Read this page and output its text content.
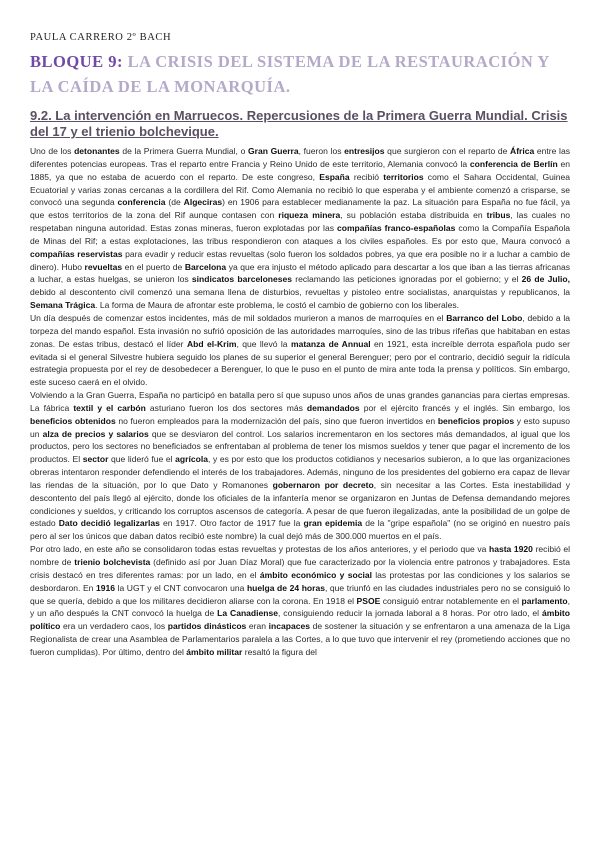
PAULA CARRERO 2º BACH
BLOQUE 9: LA CRISIS DEL SISTEMA DE LA RESTAURACIÓN Y LA CAÍDA DE LA MONARQUÍA.
9.2. La intervención en Marruecos. Repercusiones de la Primera Guerra Mundial. Crisis del 17 y el trienio bolchevique.

Uno de los detonantes de la Primera Guerra Mundial, o Gran Guerra, fueron los entresijos que surgieron con el reparto de África entre las diferentes potencias europeas. Tras el reparto entre Francia y Reino Unido de este territorio, Alemania convocó la conferencia de Berlín en 1885, ya que no estaba de acuerdo con el reparto. De este congreso, España recibió territorios como el Sahara Occidental, Guinea Ecuatorial y varias zonas cercanas a la cordillera del Rif. Como Alemania no recibió lo que esperaba y el ambiente comenzó a crisparse, se convocó una segunda conferencia (de Algeciras) en 1906 para establecer medianamente la paz. La situación para España no fue fácil, ya que estos territorios de la zona del Rif aunque contasen con riqueza minera, su población estaba distribuida en tribus, las cuales no respetaban ninguna autoridad. Estas zonas mineras, fueron explotadas por las compañías franco-españolas como la Compañía Española de Minas del Rif; a estas explotaciones, las tribus respondieron con ataques a los civiles españoles. Es por esto que, Maura convocó a compañías reservistas para evadir y reducir estas revueltas (solo fueron los soldados pobres, ya que era posible no ir a luchar a cambio de dinero). Hubo revueltas en el puerto de Barcelona ya que era injusto el método aplicado para descartar a los que iban a las tierras africanas a luchar, a estas huelgas, se unieron los sindicatos barceloneses reclamando las peticiones ignoradas por el gobierno; y el 26 de Julio, debido al descontento civil comenzó una semana llena de disturbios, revueltas y pistoleo entre socialistas, anarquistas y republicanos, la Semana Trágica. La forma de Maura de afrontar este problema, le costó el cambio de gobierno con los liberales.

Un día después de comenzar estos incidentes, más de mil soldados murieron a manos de marroquíes en el Barranco del Lobo, debido a la torpeza del mando español. Esta invasión no sufrió oposición de las autoridades marroquíes, sino de las tribus rifeñas que habitaban en estas zonas. De estas tribus, destacó el líder Abd el-Krim, que llevó la matanza de Annual en 1921, esta increíble derrota española pudo ser evitada si el general Silvestre hubiera seguido los planes de su superior el general Berenguer; pero por el contrario, decidió seguir la ridícula estrategia propuesta por el rey de desobedecer a Berenguer, lo que le puso en el punto de mira ante toda la prensa y políticos. Sin embargo, este suceso caerá en el olvido.

Volviendo a la Gran Guerra, España no participó en batalla pero sí que supuso unos años de unas grandes ganancias para ciertas empresas. La fábrica textil y el carbón asturiano fueron los dos sectores más demandados por el ejército francés y el inglés. Sin embargo, los beneficios obtenidos no fueron empleados para la modernización del país, sino que fueron invertidos en beneficios propios y esto supuso un alza de precios y salarios que se desviaron del control. Los salarios incrementaron en los sectores más demandados, al igual que los productos, pero los sectores no beneficiados se enfrentaban al problema de tener los mismos sueldos y tener que pagar el incremento de los productos. El sector que lideró fue el agrícola, y es por esto que los productos cotidianos y necesarios subieron, a lo que las organizaciones obreras intentaron responder defendiendo el interés de los trabajadores. Además, ninguno de los presidentes del gobierno era capaz de llevar las riendas de la situación, por lo que Dato y Romanones gobernaron por decreto, sin necesitar a las Cortes. Esta inestabilidad y descontento del país llegó al ejército, donde los oficiales de la infantería menor se organizaron en Juntas de Defensa demandando mejores condiciones y sueldos, y criticando los corruptos ascensos de categoría. A pesar de que fueron ilegalizadas, ante la posibilidad de un golpe de estado Dato decidió legalizarlas en 1917. Otro factor de 1917 fue la gran epidemia de la "gripe española" (no se originó en nuestro país pero al ser los únicos que daban datos recibió este nombre) la cual dejó más de 300.000 muertos en el país.

Por otro lado, en este año se consolidaron todas estas revueltas y protestas de los años anteriores, y el periodo que va hasta 1920 recibió el nombre de trienio bolchevista (definido así por Juan Díaz Moral) que fue caracterizado por la violencia entre patronos y trabajadores. Esta crisis destacó en tres diferentes ramas: por un lado, en el ámbito económico y social las protestas por las condiciones y los salarios se desbordaron. En 1916 la UGT y el CNT convocaron una huelga de 24 horas, que triunfó en las ciudades industriales pero no se consiguió lo que se quería, debido a que los militares decidieron aliarse con la corona. En 1918 el PSOE consiguió entrar notablemente en el parlamento, y un año después la CNT convocó la huelga de La Canadiense, consiguiendo reducir la jornada laboral a 8 horas. Por otro lado, el ámbito político era un verdadero caos, los partidos dinásticos eran incapaces de sostener la situación y se enfrentaron a una amenaza de la Liga Regionalista de crear una Asamblea de Parlamentarios paralela a las Cortes, a lo que tuvo que intervenir el rey (prometiendo acciones que no fueron cumplidas). Por último, dentro del ámbito militar resaltó la figura del
